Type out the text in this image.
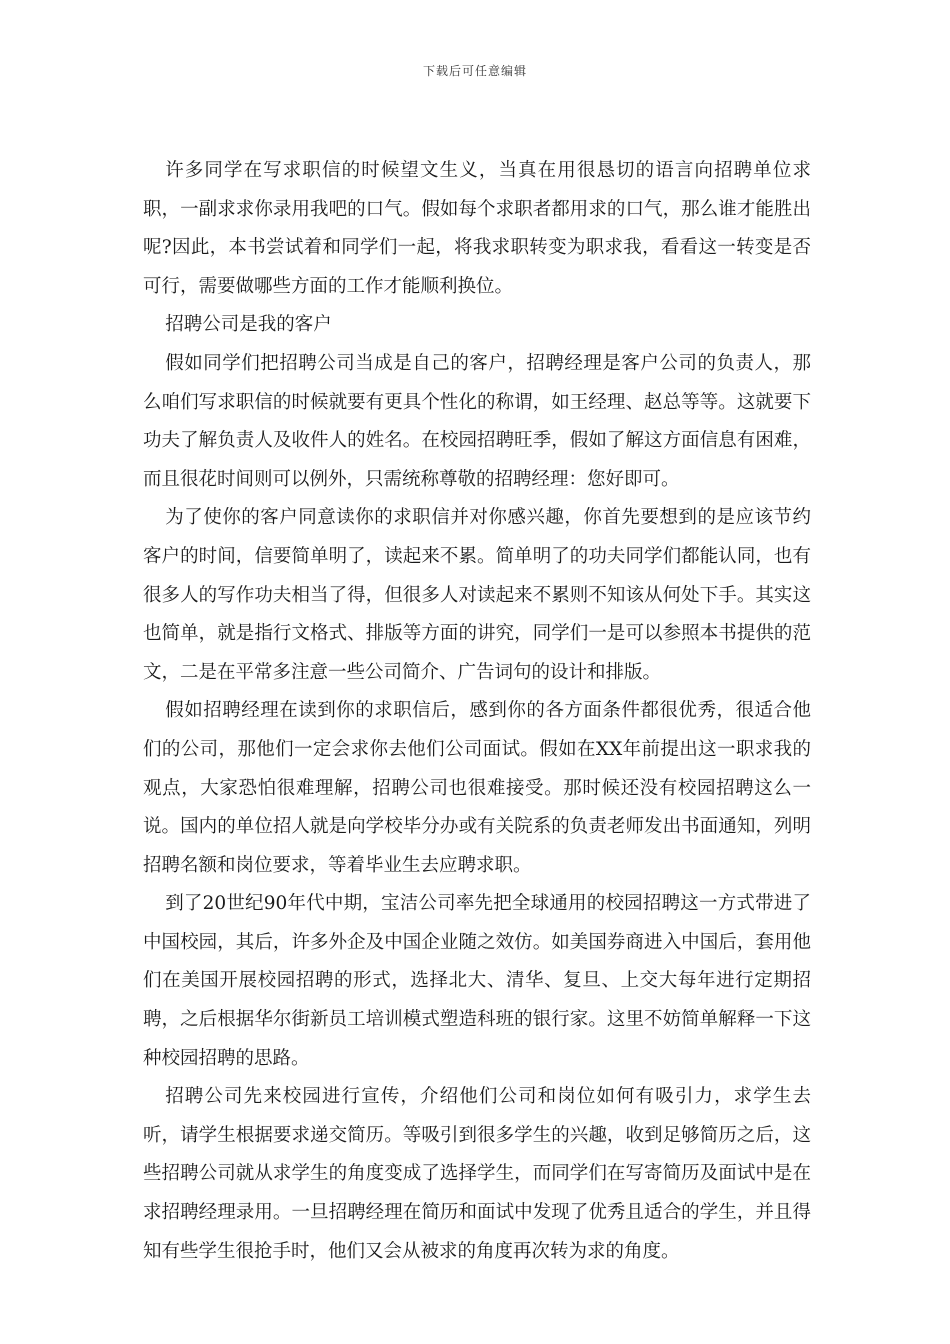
下载后可任意编辑

许多同学在写求职信的时候望文生义，当真在用很恳切的语言向招聘单位求职，一副求求你录用我吧的口气。假如每个求职者都用求的口气，那么谁才能胜出呢?因此，本书尝试着和同学们一起，将我求职转变为职求我，看看这一转变是否可行，需要做哪些方面的工作才能顺利换位。

招聘公司是我的客户

假如同学们把招聘公司当成是自己的客户，招聘经理是客户公司的负责人，那么咱们写求职信的时候就要有更具个性化的称谓，如王经理、赵总等等。这就要下功夫了解负责人及收件人的姓名。在校园招聘旺季，假如了解这方面信息有困难，而且很花时间则可以例外，只需统称尊敬的招聘经理：您好即可。

为了使你的客户同意读你的求职信并对你感兴趣，你首先要想到的是应该节约客户的时间，信要简单明了，读起来不累。简单明了的功夫同学们都能认同，也有很多人的写作功夫相当了得，但很多人对读起来不累则不知该从何处下手。其实这也简单，就是指行文格式、排版等方面的讲究，同学们一是可以参照本书提供的范文，二是在平常多注意一些公司简介、广告词句的设计和排版。

假如招聘经理在读到你的求职信后，感到你的各方面条件都很优秀，很适合他们的公司，那他们一定会求你去他们公司面试。假如在XX年前提出这一职求我的观点，大家恐怕很难理解，招聘公司也很难接受。那时候还没有校园招聘这么一说。国内的单位招人就是向学校毕分办或有关院系的负责老师发出书面通知，列明招聘名额和岗位要求，等着毕业生去应聘求职。

到了20世纪90年代中期，宝洁公司率先把全球通用的校园招聘这一方式带进了中国校园，其后，许多外企及中国企业随之效仿。如美国券商进入中国后，套用他们在美国开展校园招聘的形式，选择北大、清华、复旦、上交大每年进行定期招聘，之后根据华尔街新员工培训模式塑造科班的银行家。这里不妨简单解释一下这种校园招聘的思路。

招聘公司先来校园进行宣传，介绍他们公司和岗位如何有吸引力，求学生去听，请学生根据要求递交简历。等吸引到很多学生的兴趣，收到足够简历之后，这些招聘公司就从求学生的角度变成了选择学生，而同学们在写寄简历及面试中是在求招聘经理录用。一旦招聘经理在简历和面试中发现了优秀且适合的学生，并且得知有些学生很抢手时，他们又会从被求的角度再次转为求的角度。
